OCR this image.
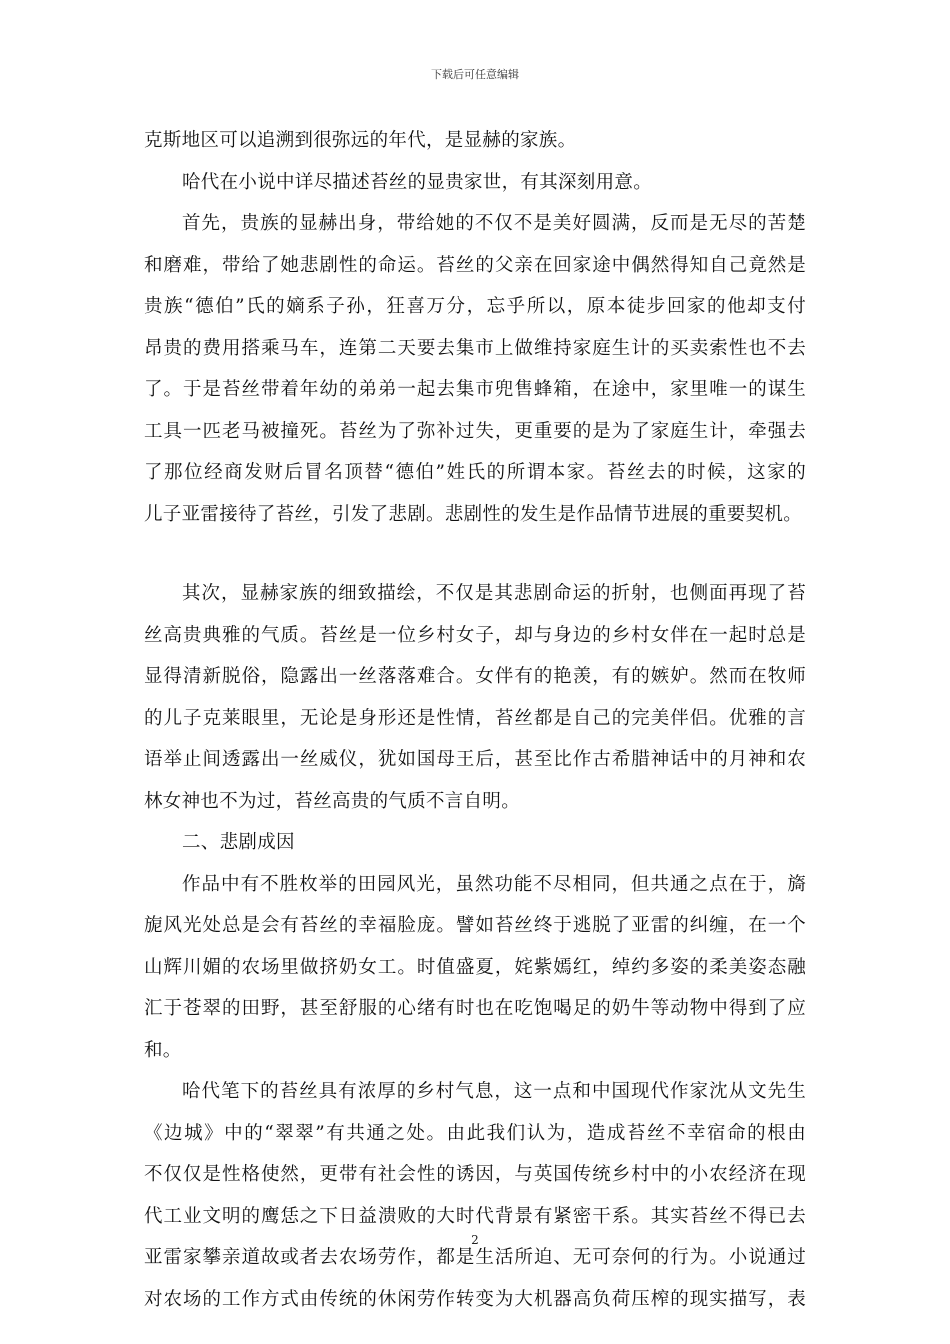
下载后可任意编辑
克斯地区可以追溯到很弥远的年代，是显赫的家族。
哈代在小说中详尽描述苔丝的显贵家世，有其深刻用意。
首先，贵族的显赫出身，带给她的不仅不是美好圆满，反而是无尽的苦楚
和磨难，带给了她悲剧性的命运。苔丝的父亲在回家途中偶然得知自己竟然是
贵族“德伯”氏的嫡系子孙，狂喜万分，忘乎所以，原本徒步回家的他却支付
昂贵的费用搭乘马车，连第二天要去集市上做维持家庭生计的买卖索性也不去
了。于是苔丝带着年幼的弟弟一起去集市兜售蜂箱，在途中，家里唯一的谋生
工具一匹老马被撞死。苔丝为了弥补过失，更重要的是为了家庭生计，牵强去
了那位经商发财后冒名顶替“德伯”姓氏的所谓本家。苔丝去的时候，这家的
儿子亚雷接待了苔丝，引发了悲剧。悲剧性的发生是作品情节进展的重要契机。
其次，显赫家族的细致描绘，不仅是其悲剧命运的折射，也侧面再现了苔
丝高贵典雅的气质。苔丝是一位乡村女子，却与身边的乡村女伴在一起时总是
显得清新脱俗，隐露出一丝落落难合。女伴有的艳羡，有的嫉妒。然而在牧师
的儿子克莱眼里，无论是身形还是性情，苔丝都是自己的完美伴侣。优雅的言
语举止间透露出一丝威仪，犹如国母王后，甚至比作古希腊神话中的月神和农
林女神也不为过，苔丝高贵的气质不言自明。
二、悲剧成因
作品中有不胜枚举的田园风光，虽然功能不尽相同，但共通之点在于，旖
旎风光处总是会有苔丝的幸福脸庞。譬如苔丝终于逃脱了亚雷的纠缠，在一个
山辉川媚的农场里做挤奶女工。时值盛夏，姹紫嫣红，绰约多姿的柔美姿态融
汇于苍翠的田野，甚至舒服的心绪有时也在吃饱喝足的奶牛等动物中得到了应
和。
哈代笔下的苔丝具有浓厚的乡村气息，这一点和中国现代作家沈从文先生
《边城》中的“翠翠”有共通之处。由此我们认为，造成苔丝不幸宿命的根由
不仅仅是性格使然，更带有社会性的诱因，与英国传统乡村中的小农经济在现
代工业文明的鹰恁之下日益溃败的大时代背景有紧密干系。其实苔丝不得已去
亚雷家攀亲道故或者去农场劳作，都是生活所迫、无可奈何的行为。小说通过
对农场的工作方式由传统的休闲劳作转变为大机器高负荷压榨的现实描写，表
2
